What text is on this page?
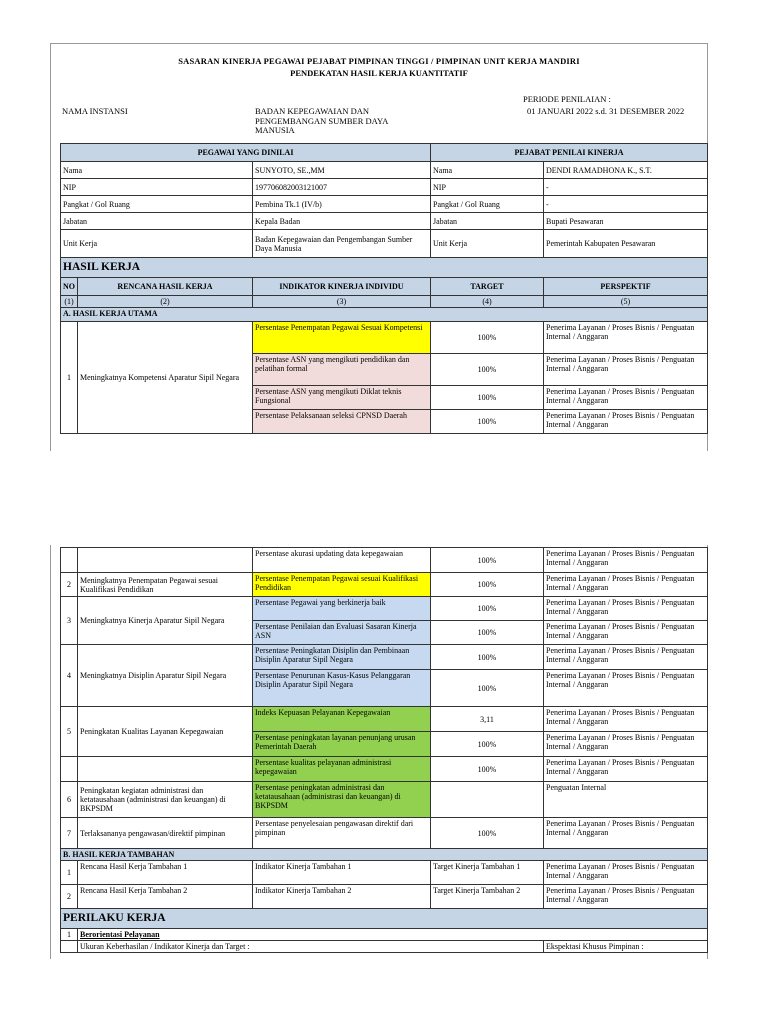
SASARAN KINERJA PEGAWAI PEJABAT PIMPINAN TINGGI / PIMPINAN UNIT KERJA MANDIRI
PENDEKATAN HASIL KERJA KUANTITATIF
NAMA INSTANSI	BADAN KEPEGAWAIAN DAN PENGEMBANGAN SUMBER DAYA MANUSIA
PERIODE PENILAIAN :
01 JANUARI 2022 s.d. 31 DESEMBER 2022
PEGAWAI YANG DINILAI			PEJABAT PENILAI KINERJA	
Nama		SUNYOTO, SE.,MM	Nama	DENDI RAMADHONA K., S.T.
NIP		197706082003121007	NIP	-
Pangkat / Gol Ruang		Pembina Tk.1 (IV/b)	Pangkat / Gol Ruang	-
Jabatan		Kepala Badan	Jabatan	Bupati Pesawaran
Unit Kerja		Badan Kepegawaian dan Pengembangan Sumber Daya Manusia	Unit Kerja	Pemerintah Kabupaten Pesawaran
HASIL KERJA				
NO	RENCANA HASIL KERJA	INDIKATOR KINERJA INDIVIDU	TARGET	PERSPEKTIF
(1)	(2)	(3)	(4)	(5)
A. HASIL KERJA UTAMA				
1	Meningkatnya Kompetensi Aparatur Sipil Negara	Persentase Penempatan Pegawai Sesuai Kompetensi	100%	Penerima Layanan / Proses Bisnis / Penguatan Internal / Anggaran
		Persentase ASN yang mengikuti pendidikan dan pelatihan formal	100%	Penerima Layanan / Proses Bisnis / Penguatan Internal / Anggaran
		Persentase ASN yang mengikuti Diklat teknis Fungsional	100%	Penerima Layanan / Proses Bisnis / Penguatan Internal / Anggaran
		Persentase Pelaksanaan seleksi CPNSD Daerah	100%	Penerima Layanan / Proses Bisnis / Penguatan Internal / Anggaran
		Persentase akurasi updating data kepegawaian	100%	Penerima Layanan / Proses Bisnis / Penguatan Internal / Anggaran
2	Meningkatnya Penempatan Pegawai sesuai Kualifikasi Pendidikan	Persentase Penempatan Pegawai sesuai Kualifikasi Pendidikan	100%	Penerima Layanan / Proses Bisnis / Penguatan Internal / Anggaran
3	Meningkatnya Kinerja Aparatur Sipil Negara	Persentase Pegawai yang berkinerja baik	100%	Penerima Layanan / Proses Bisnis / Penguatan Internal / Anggaran
		Persentase Penilaian dan Evaluasi Sasaran Kinerja ASN	100%	Penerima Layanan / Proses Bisnis / Penguatan Internal / Anggaran
4	Meningkatnya Disiplin Aparatur Sipil Negara	Persentase Peningkatan Disiplin dan Pembinaan Disiplin Aparatur Sipil Negara	100%	Penerima Layanan / Proses Bisnis / Penguatan Internal / Anggaran
		Persentase Penurunan Kasus-Kasus Pelanggaran Disiplin Aparatur Sipil Negara	100%	Penerima Layanan / Proses Bisnis / Penguatan Internal / Anggaran
5	Peningkatan Kualitas Layanan Kepegawaian	Indeks Kepuasan Pelayanan Kepegawaian	3,11	Penerima Layanan / Proses Bisnis / Penguatan Internal / Anggaran
		Persentase peningkatan layanan penunjang urusan Pemerintah Daerah	100%	Penerima Layanan / Proses Bisnis / Penguatan Internal / Anggaran
		Persentase kualitas pelayanan administrasi kepegawaian	100%	Penerima Layanan / Proses Bisnis / Penguatan Internal / Anggaran
6	Peningkatan kegiatan administrasi dan ketatausahaan (administrasi dan keuangan) di BKPSDM	Persentase peningkatan administrasi dan ketatausahaan (administrasi dan keuangan) di BKPSDM		Penguatan Internal
7	Terlaksananya pengawasan/direktif pimpinan	Persentase penyelesaian pengawasan direktif dari pimpinan	100%	Penerima Layanan / Proses Bisnis / Penguatan Internal / Anggaran
B. HASIL KERJA TAMBAHAN				
1	Rencana Hasil Kerja Tambahan 1	Indikator Kinerja Tambahan 1	Target Kinerja Tambahan 1	Penerima Layanan / Proses Bisnis / Penguatan Internal / Anggaran
2	Rencana Hasil Kerja Tambahan 2	Indikator Kinerja Tambahan 2	Target Kinerja Tambahan 2	Penerima Layanan / Proses Bisnis / Penguatan Internal / Anggaran
PERILAKU KERJA				
1	Berorientasi Pelayanan			
	Ukuran Keberhasilan / Indikator Kinerja dan Target :			Ekspektasi Khusus Pimpinan :
